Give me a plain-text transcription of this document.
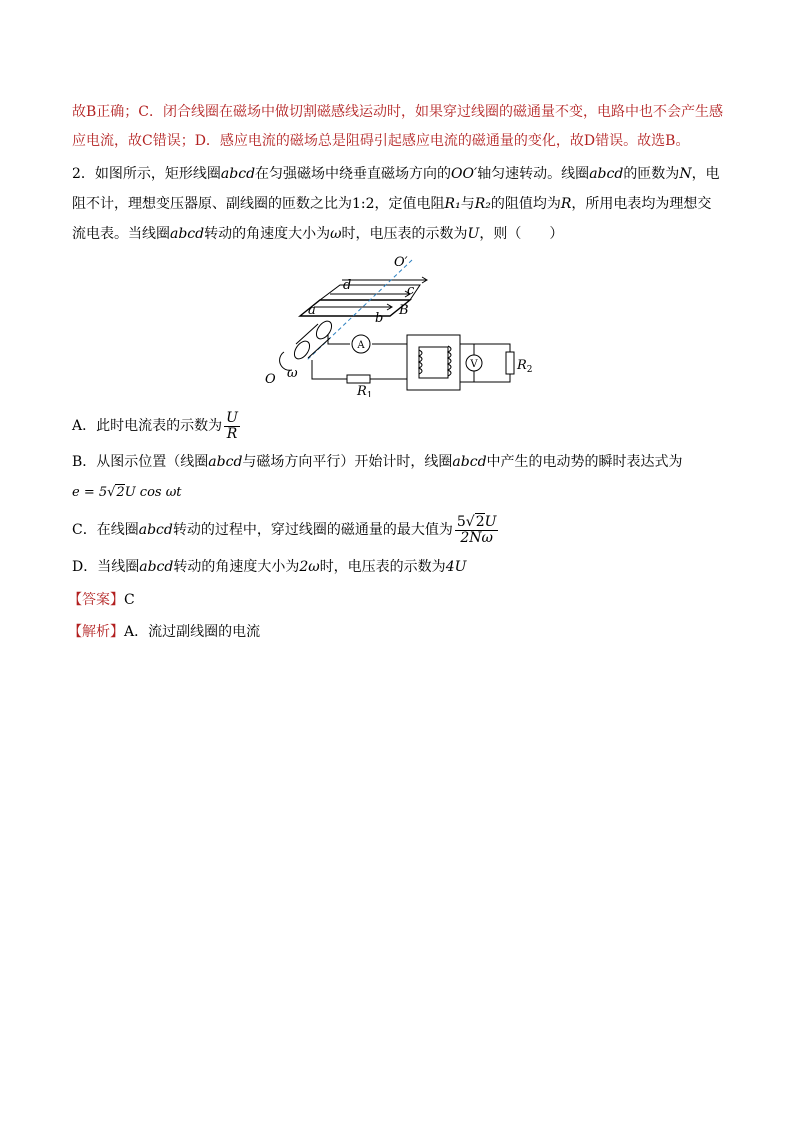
故B正确；C．闭合线圈在磁场中做切割磁感线运动时，如果穿过线圈的磁通量不变，电路中也不会产生感
应电流，故C错误；D．感应电流的磁场总是阻碍引起感应电流的磁通量的变化，故D错误。故选B。
2．如图所示，矩形线圈abcd在匀强磁场中绕垂直磁场方向的OO′轴匀速转动。线圈abcd的匝数为N，电
阻不计，理想变压器原、副线圈的匝数之比为1:2，定值电阻R₁与R₂的阻值均为R，所用电表均为理想交
流电表。当线圈abcd转动的角速度大小为ω时，电压表的示数为U，则（　　）
O′
O
d	c
a
b
B
ω
$R_1$
$R_2$
A
V
A．此时电流表的示数为 $\frac{U}{R}$
B．从图示位置（线圈abcd与磁场方向平行）开始计时，线圈abcd中产生的电动势的瞬时表达式为
e = 5√2U cos ωt
C．在线圈abcd转动的过程中，穿过线圈的磁通量的最大值为 $\frac{5√2U}{2N\omega}$
D．当线圈abcd转动的角速度大小为2ω时，电压表的示数为4U
【答案】C
【解析】A．流过副线圈的电流
